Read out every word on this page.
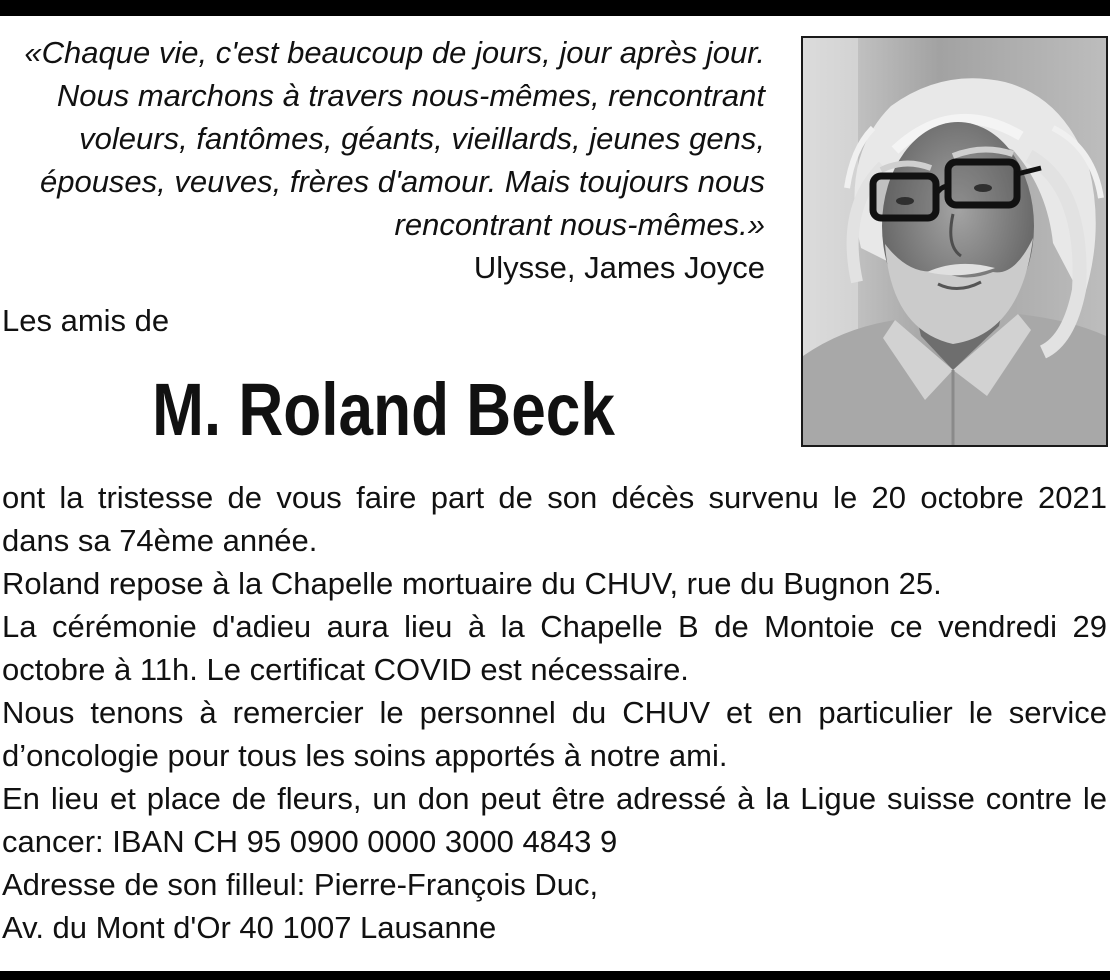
«Chaque vie, c'est beaucoup de jours, jour après jour.
Nous marchons à travers nous-mêmes, rencontrant
voleurs, fantômes, géants, vieillards, jeunes gens,
épouses, veuves, frères d'amour. Mais toujours nous
rencontrant nous-mêmes.»
Ulysse, James Joyce
Les amis de
M. Roland Beck
ont la tristesse de vous faire part de son décès survenu le 20 octobre 2021
dans sa 74ème année.
Roland repose à la Chapelle mortuaire du CHUV, rue du Bugnon 25.
La cérémonie d'adieu aura lieu à la Chapelle B de Montoie ce vendredi 29
octobre à 11h. Le certificat COVID est nécessaire.
Nous tenons à remercier le personnel du CHUV et en particulier le service
d’oncologie pour tous les soins apportés à notre ami.
En lieu et place de fleurs, un don peut être adressé à la Ligue suisse contre le
cancer: IBAN CH 95 0900 0000 3000 4843 9
Adresse de son filleul: Pierre-François Duc,
Av. du Mont d'Or 40 1007 Lausanne
